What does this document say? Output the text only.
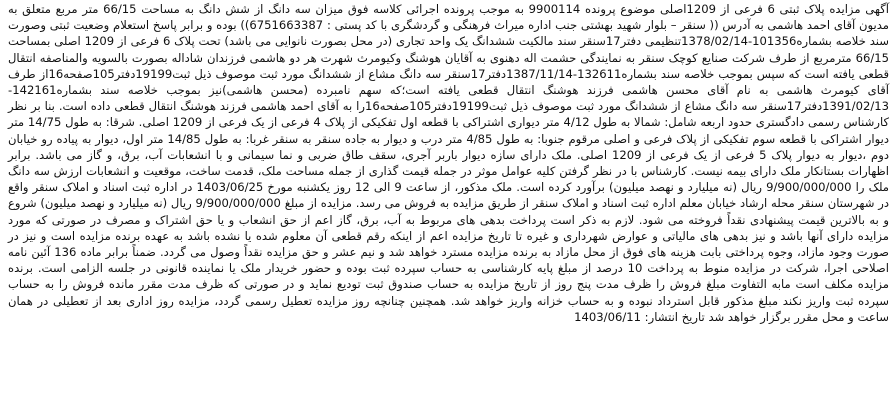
آگهی مزایده پلاک ثبتی 6 فرعی از 1209اصلی موضوع پرونده 9900114 به موجب پرونده اجرائی کلاسه فوق میزان سه دانگ از شش دانگ به مساحت 66/15 متر مربع متعلق به مدیون آقای احمد هاشمی به آدرس (( سنقر – بلوار شهید بهشتی جنب اداره میراث فرهنگی و گردشگری با کد پستی : 6751663387)) بوده و برابر پاسخ استعلام وضعیت ثبتی وصورت سند خلاصه بشماره101356-1378/02/14تنظیمی دفتر17سنقر سند مالکیت ششدانگ یک واحد تجاری (در محل بصورت نانوایی می باشد) تحت پلاک 6 فرعی از 1209 اصلی بمساحت 66/15 مترمربع از طرف شرکت صنایع کوچک سنقر به نمایندگی حشمت اله دهنوی به آقایان هوشنگ وکیومرث شهرت هر دو هاشمی فرزندان شاداله بصورت بالسویه والمناصفه انتقال قطعی یافته است که سپس بموجب خلاصه سند بشماره132611-1387/11/14دفتر17سنقر سه دانگ مشاع از ششدانگ مورد ثبت موصوف ذیل ثبت19199دفتر105صفحه16از طرف آقای کیومرث هاشمی به نام آقای محسن هاشمی فرزند هوشنگ انتقال قطعی یافته است؛که سهم نامبرده (محسن هاشمی)نیز بموجب خلاصه سند بشماره142161-1391/02/13دفتر17سنقر سه دانگ مشاع از ششدانگ مورد ثبت موصوف ذیل ثبت19199دفتر105صفحه16را به آقای احمد هاشمی فرزند هوشنگ انتقال قطعی داده است. بنا بر نظر کارشناس رسمی دادگستری حدود اربعه شامل: شمالا به طول 4/12 متر دیواری اشتراکی با قطعه اول تفکیکی از پلاک 4 فرعی از یک فرعی از 1209 اصلی. شرقا: به طول 14/75 متر دیوار اشتراکی با قطعه سوم تفکیکی از پلاک فرعی و اصلی مرقوم جنوبا: به طول 4/85 متر درب و دیوار به جاده سنقر به سنقر غربا: به طول 14/85 متر اول، دیوار به پیاده رو خیابان دوم ،دیوار به دیوار پلاک 5 فرعی از یک فرعی از 1209 اصلی. ملک دارای سازه دیوار باربر آجری، سقف طاق ضربی و نما سیمانی و با انشعابات آب، برق، و گاز می باشد. برابر اظهارات بستانکار ملک دارای بیمه نیست. کارشناس با در نظر گرفتن کلیه عوامل موثر در جمله قیمت گذاری از جمله مساحت ملک، قدمت ساخت، موقعیت و انشعابات ارزش سه دانگ ملک را 9/900/000/000 ریال (نه میلیارد و نهصد میلیون) برآورد کرده است. ملک مذکور، از ساعت 9 الی 12 روز یکشنبه مورخ 1403/06/25 در اداره ثبت اسناد و املاک سنقر واقع در شهرستان سنقر محله ارشاد خیابان معلم اداره ثبت اسناد و املاک سنقر از طریق مزایده به فروش می رسد. مزایده از مبلغ 9/900/000/000 ریال (نه میلیارد و نهصد میلیون) شروع و به بالاترین قیمت پیشنهادی نقداً فروخته می شود. لازم به ذکر است پرداخت بدهی های مربوط به آب، برق، گاز اعم از حق انشعاب و یا حق اشتراک و مصرف در صورتی که مورد مزایده دارای آنها باشد و نیز بدهی های مالیاتی و عوارض شهرداری و غیره تا تاریخ مزایده اعم از اینکه رقم قطعی آن معلوم شده یا نشده باشد به عهده برنده مزایده است و نیز در صورت وجود مازاد، وجوه پرداختی بابت هزینه های فوق از محل مازاد به برنده مزایده مسترد خواهد شد و نیم عشر و حق مزایده نقداً وصول می گردد. ضمناً برابر ماده 136 آئین نامه اصلاحی اجرا، شرکت در مزایده منوط به پرداخت 10 درصد از مبلغ پایه کارشناسی به حساب سپرده ثبت بوده و حضور خریدار ملک یا نماینده قانونی در جلسه الزامی است. برنده مزایده مکلف است مابه التفاوت مبلغ فروش را ظرف مدت پنج روز از تاریخ مزایده به حساب صندوق ثبت تودیع نماید و در صورتی که ظرف مدت مقرر مانده فروش را به حساب سپرده ثبت واریز نکند مبلغ مذکور قابل استرداد نبوده و به حساب خزانه واریز خواهد شد. همچنین چنانچه روز مزایده تعطیل رسمی گردد، مزایده روز اداری بعد از تعطیلی در همان ساعت و محل مقرر برگزار خواهد شد تاریخ انتشار: 1403/06/11
